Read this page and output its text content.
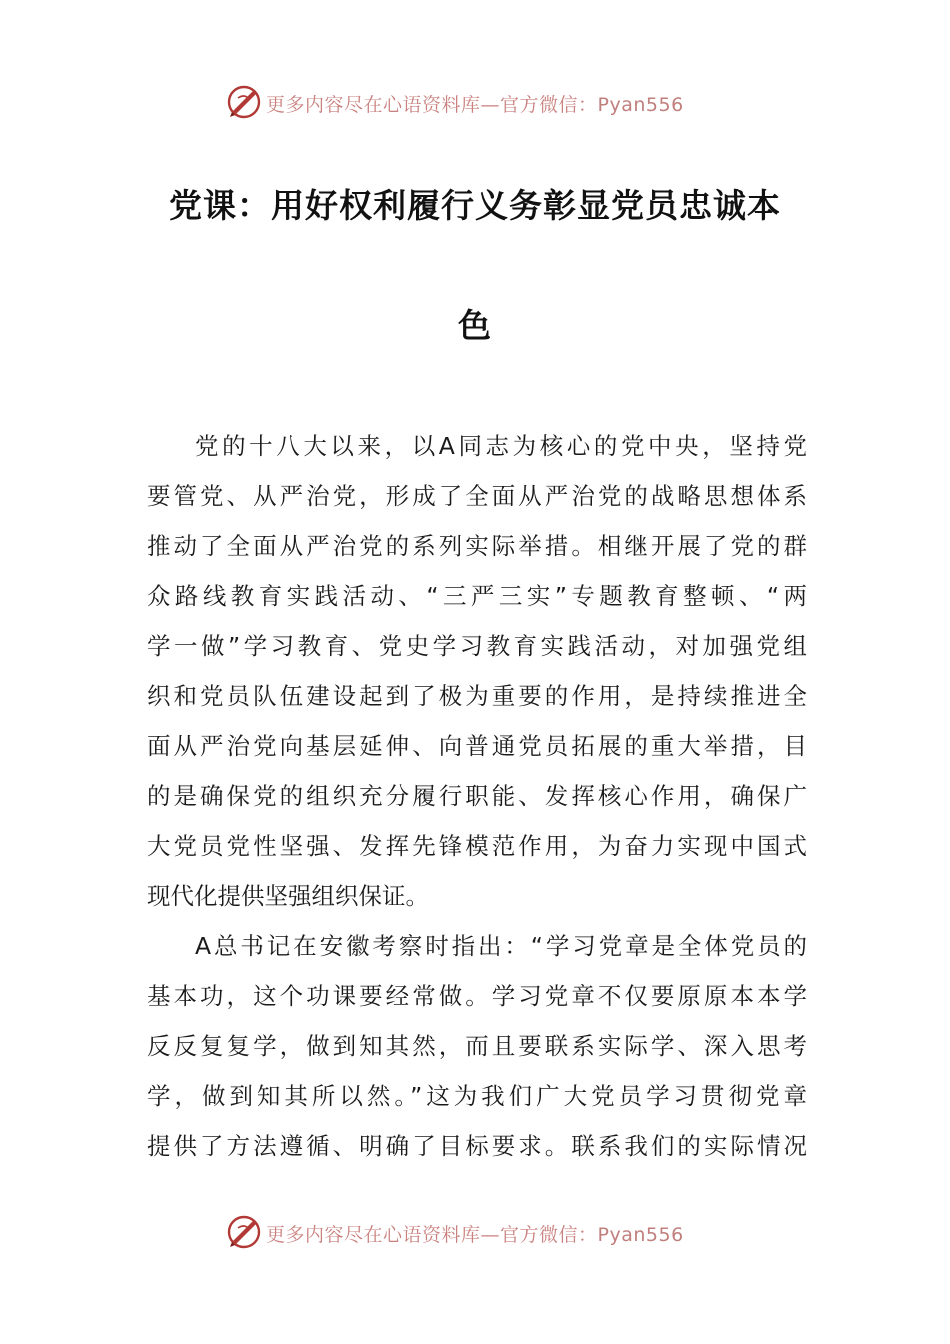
更多内容尽在心语资料库—官方微信：Pyan556
党课：用好权利履行义务彰显党员忠诚本
色
党的十八大以来，以A同志为核心的党中央，坚持党
要管党、从严治党，形成了全面从严治党的战略思想体系
推动了全面从严治党的系列实际举措。相继开展了党的群
众路线教育实践活动、“三严三实”专题教育整顿、“两
学一做”学习教育、党史学习教育实践活动，对加强党组
织和党员队伍建设起到了极为重要的作用，是持续推进全
面从严治党向基层延伸、向普通党员拓展的重大举措，目
的是确保党的组织充分履行职能、发挥核心作用，确保广
大党员党性坚强、发挥先锋模范作用，为奋力实现中国式
现代化提供坚强组织保证。
A总书记在安徽考察时指出：“学习党章是全体党员的
基本功，这个功课要经常做。学习党章不仅要原原本本学
反反复复学，做到知其然，而且要联系实际学、深入思考
学，做到知其所以然。”这为我们广大党员学习贯彻党章
提供了方法遵循、明确了目标要求。联系我们的实际情况
更多内容尽在心语资料库—官方微信：Pyan556
